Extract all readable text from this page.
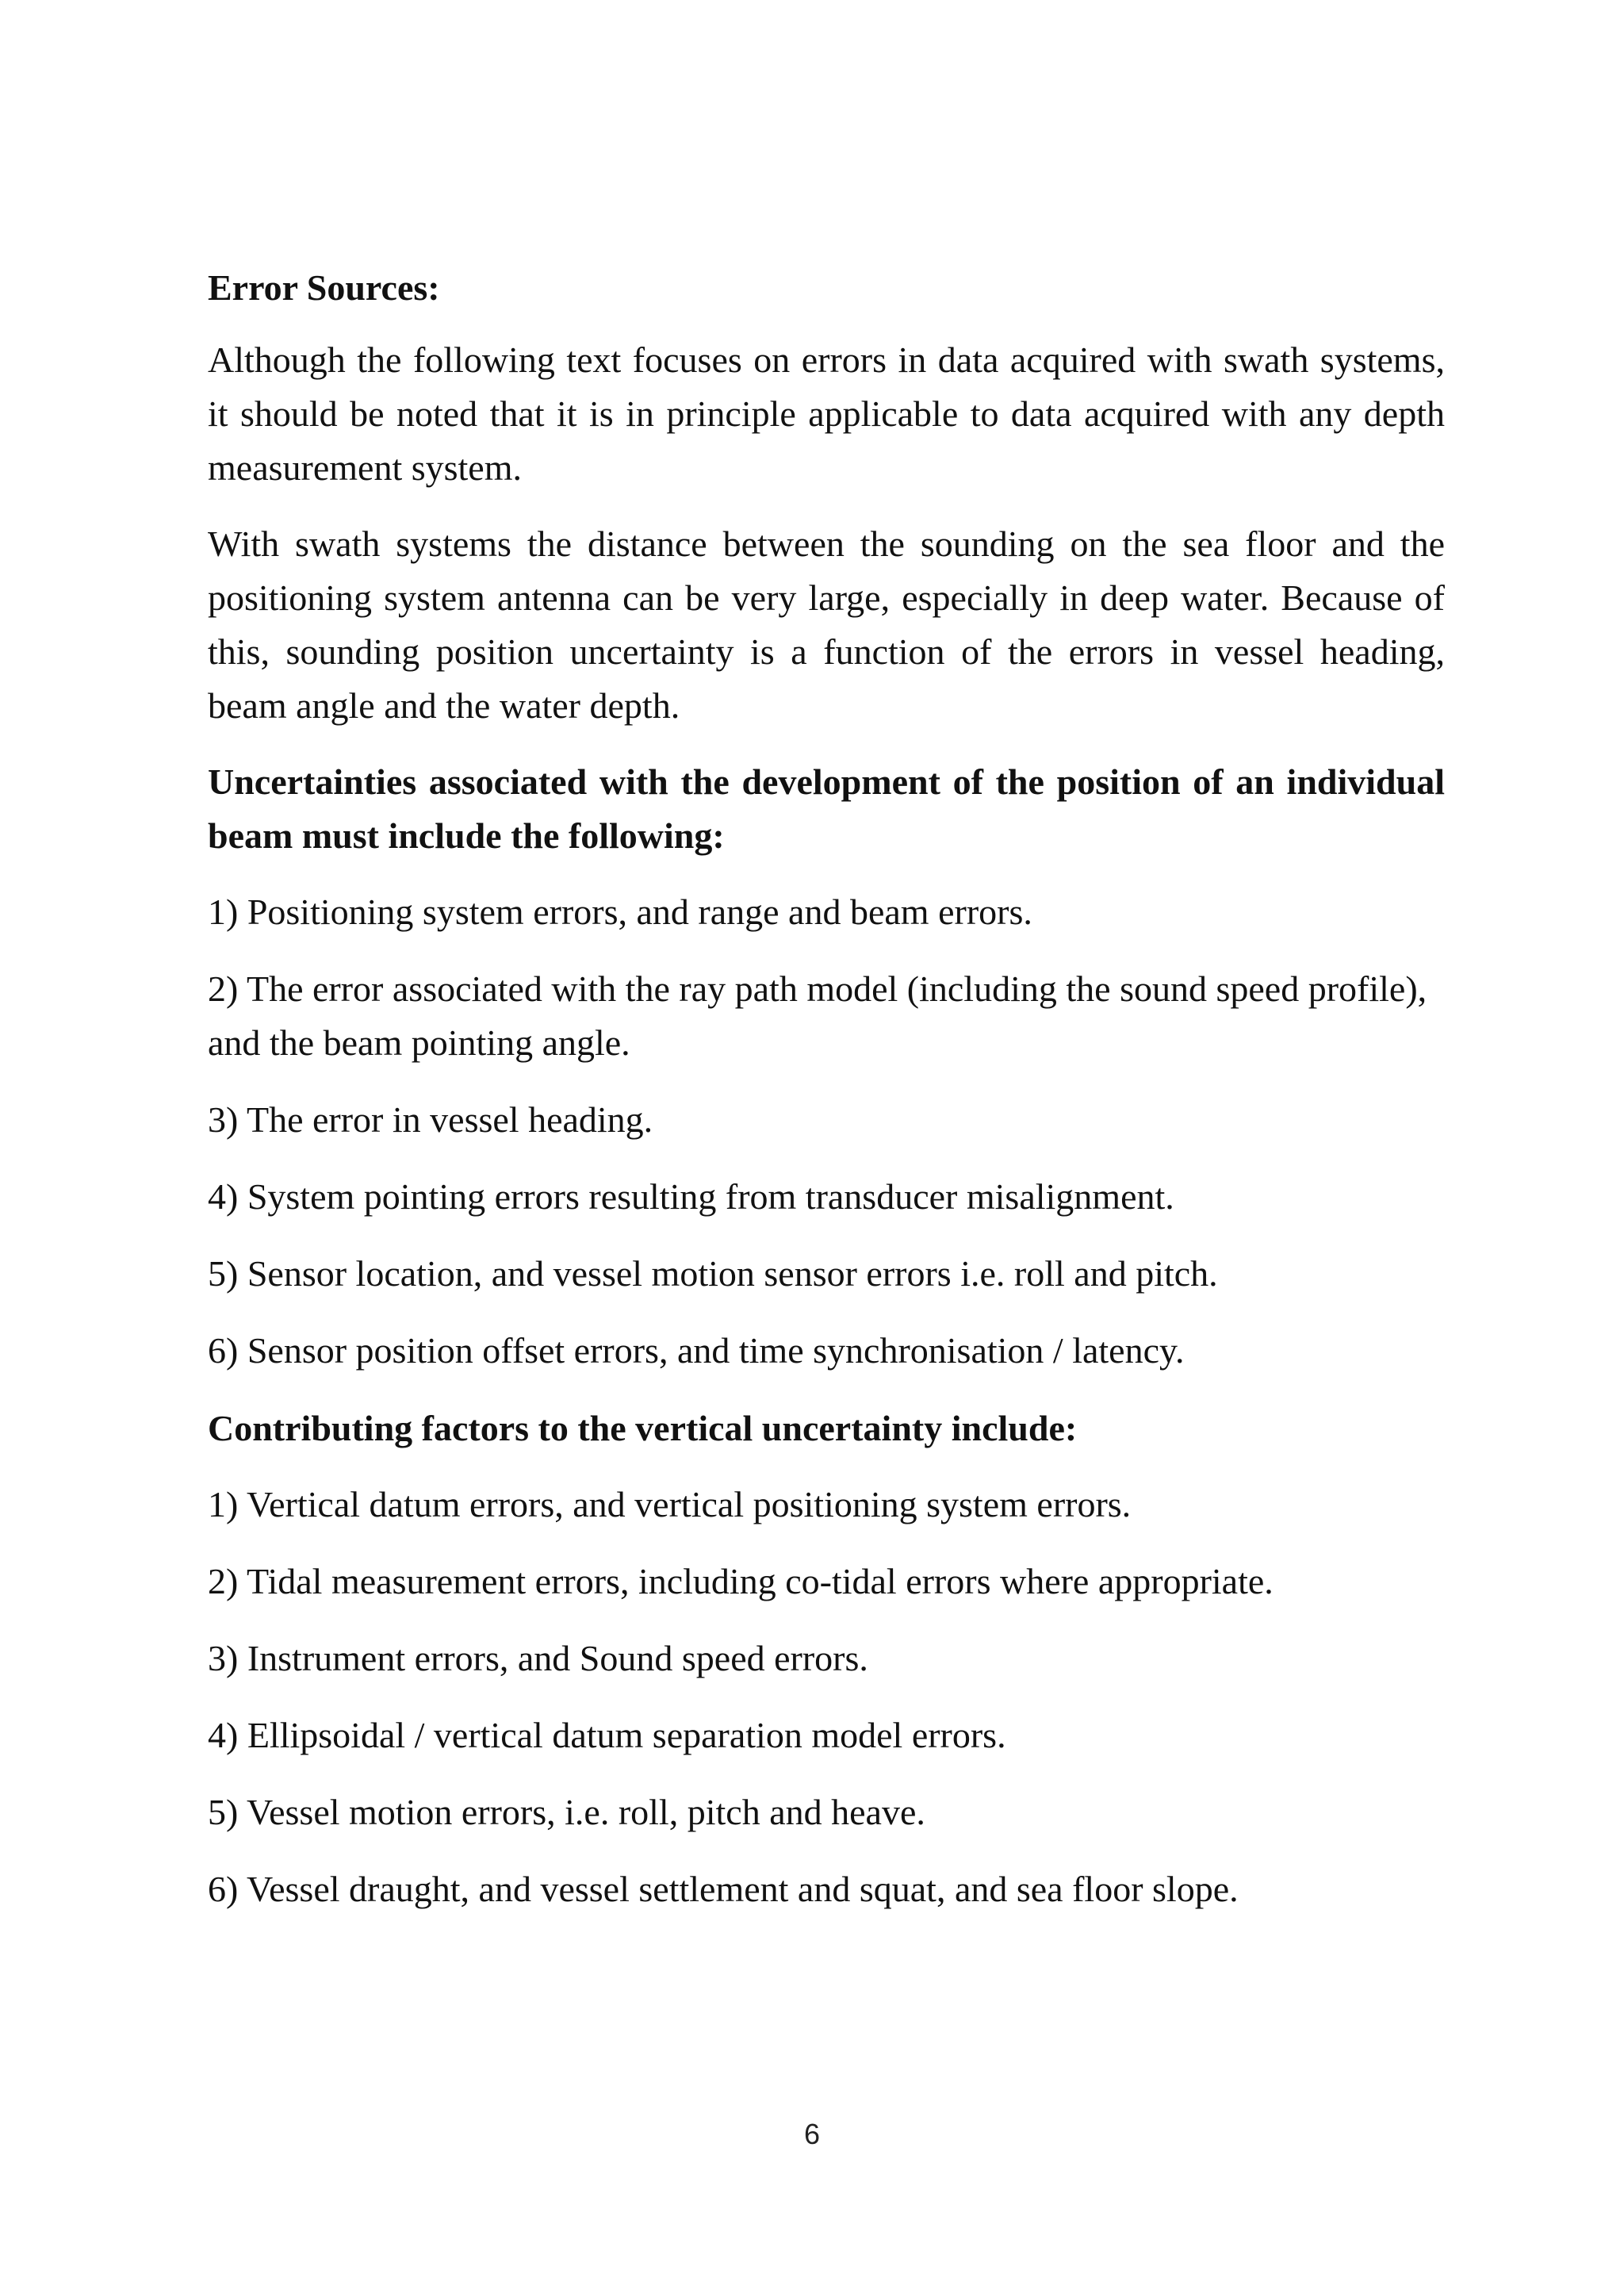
Error Sources:

Although the following text focuses on errors in data acquired with swath systems, it should be noted that it is in principle applicable to data acquired with any depth measurement system.

With swath systems the distance between the sounding on the sea floor and the positioning system antenna can be very large, especially in deep water. Because of this, sounding position uncertainty is a function of the errors in vessel heading, beam angle and the water depth.

Uncertainties associated with the development of the position of an individual beam must include the following:

1) Positioning system errors, and range and beam errors.
2) The error associated with the ray path model (including the sound speed profile), and the beam pointing angle.
3) The error in vessel heading.
4) System pointing errors resulting from transducer misalignment.
5) Sensor location, and vessel motion sensor errors i.e. roll and pitch.
6) Sensor position offset errors, and time synchronisation / latency.

Contributing factors to the vertical uncertainty include:

1) Vertical datum errors, and vertical positioning system errors.
2) Tidal measurement errors, including co-tidal errors where appropriate.
3) Instrument errors, and Sound speed errors.
4) Ellipsoidal / vertical datum separation model errors.
5) Vessel motion errors, i.e. roll, pitch and heave.
6) Vessel draught, and vessel settlement and squat, and sea floor slope.
6
